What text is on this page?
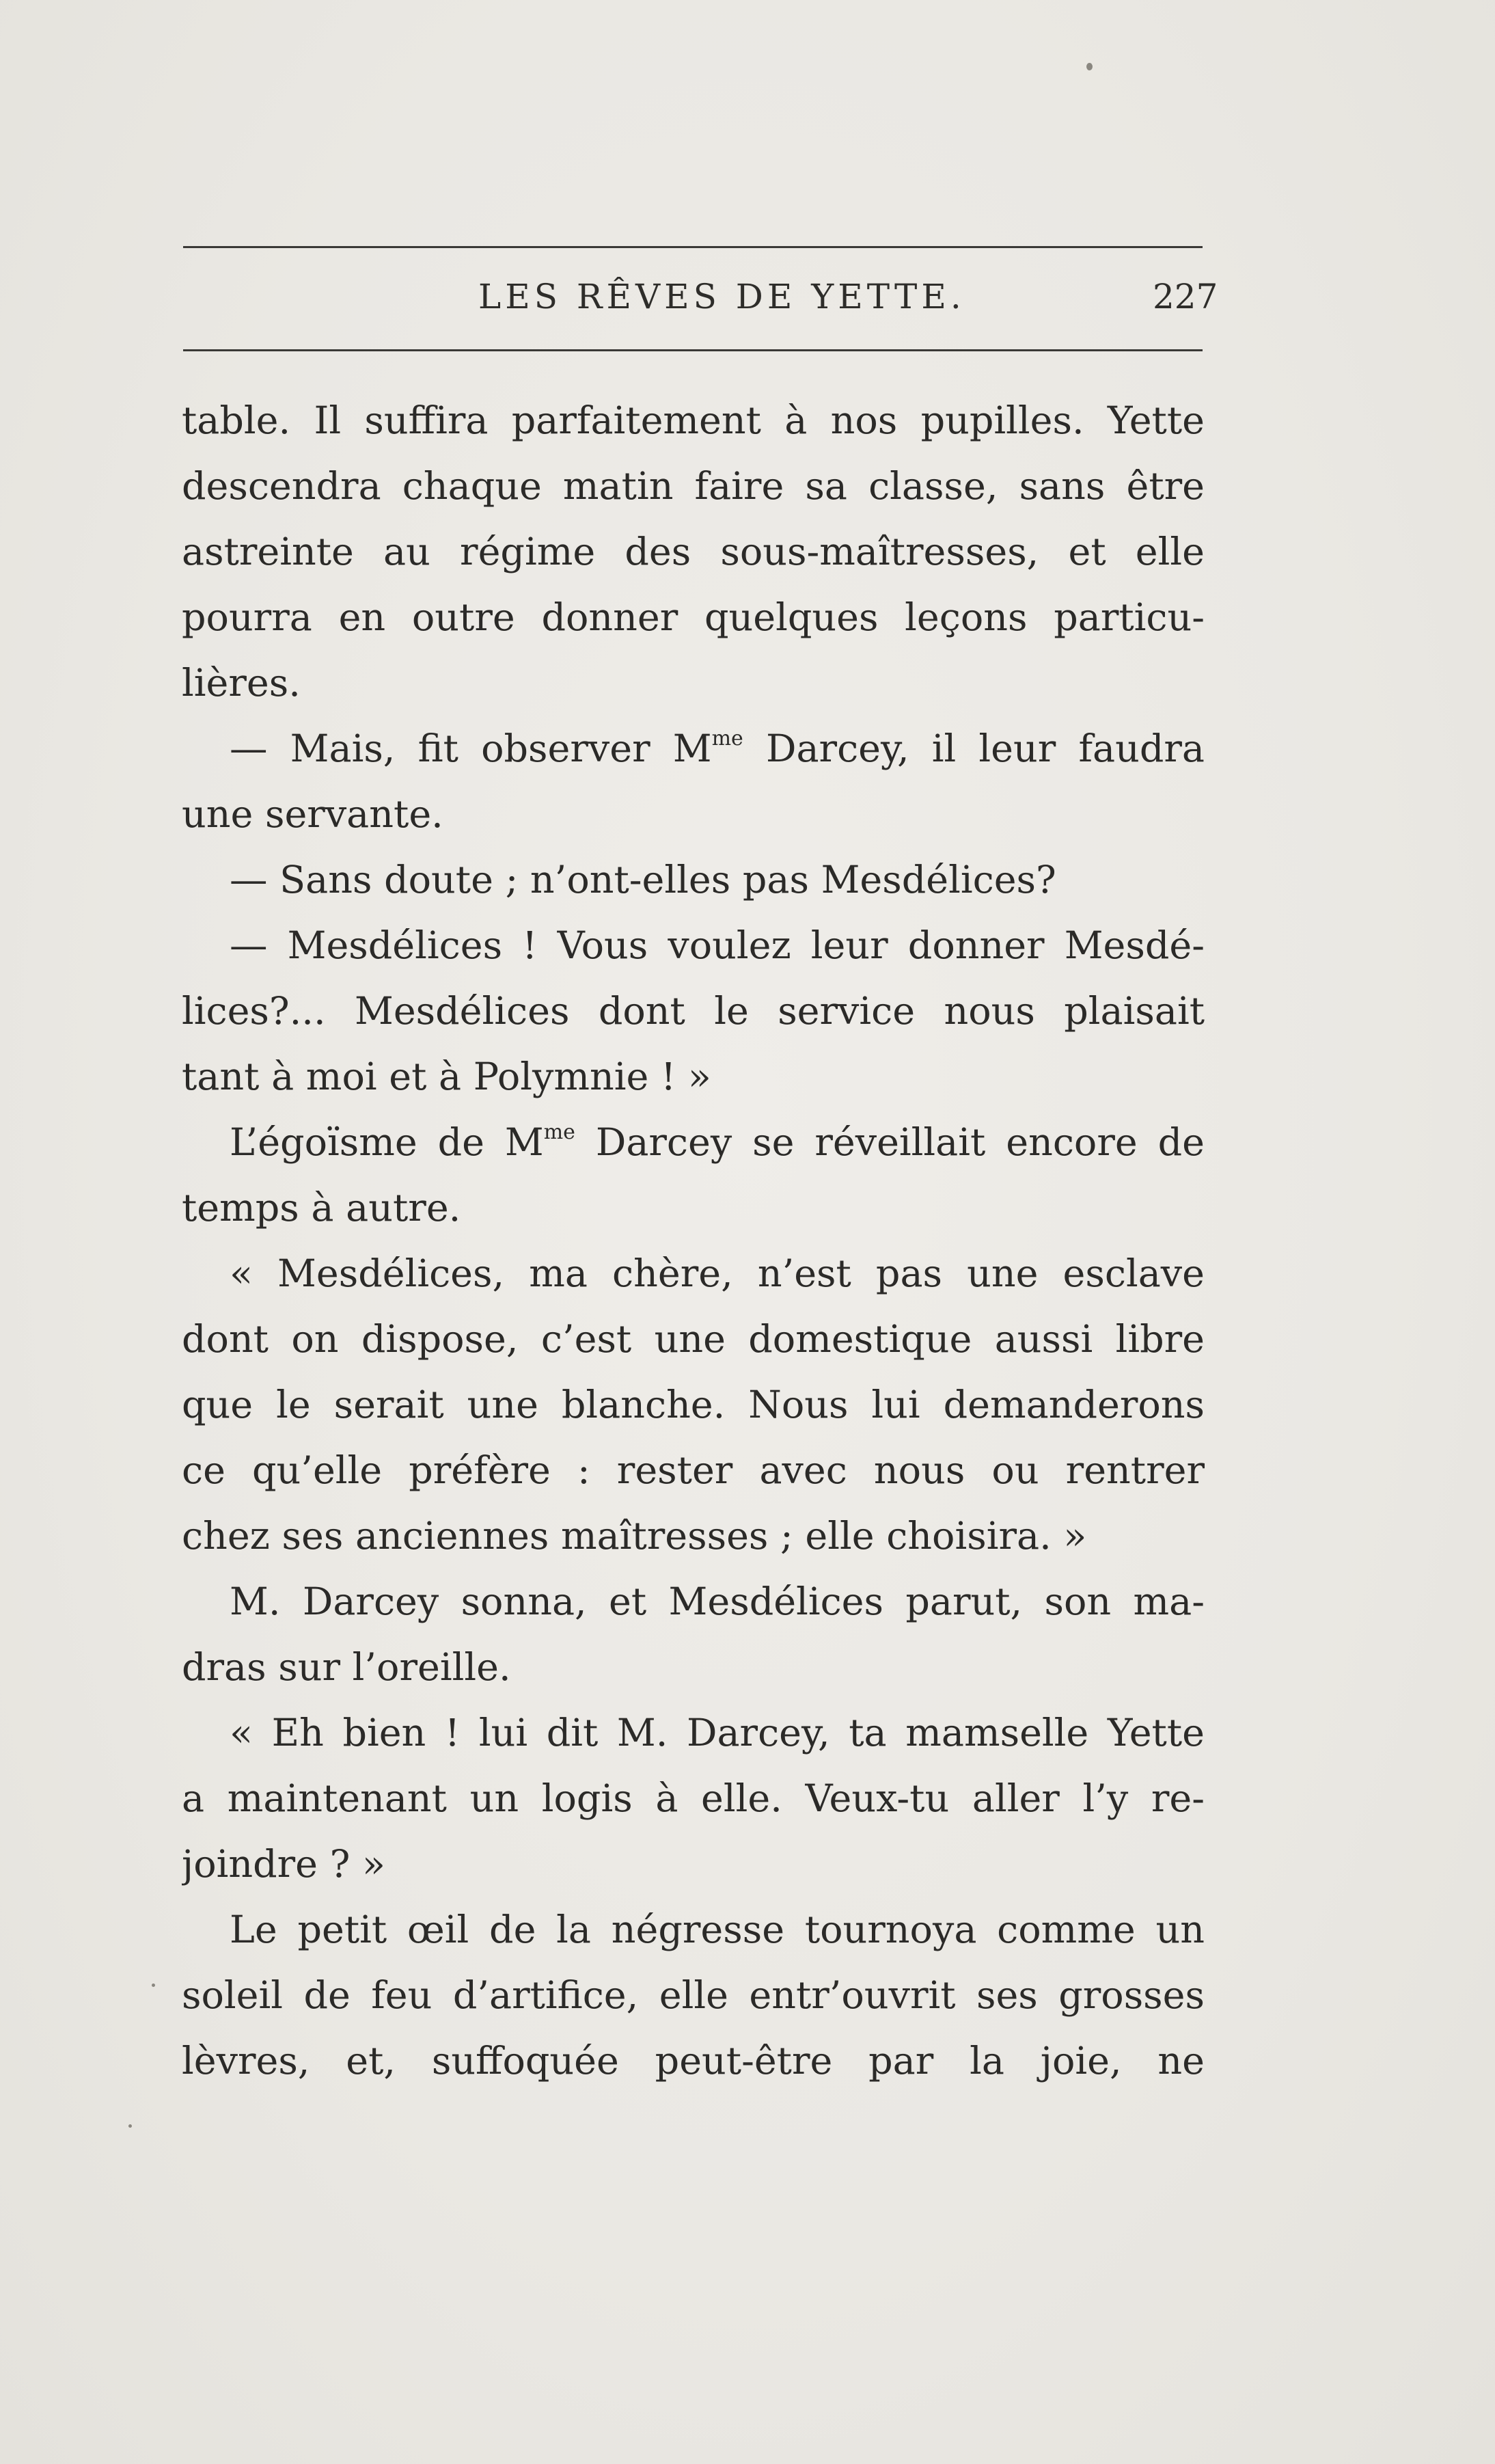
LES RÊVES DE YETTE.	227
table. Il suffira parfaitement à nos pupilles. Yette
descendra chaque matin faire sa classe, sans être
astreinte au régime des sous-maîtresses, et elle
pourra en outre donner quelques leçons particu-
lières.
— Mais, fit observer $M^{me}$ Darcey, il leur faudra
une servante.
— Sans doute ; n’ont-elles pas Mesdélices?
— Mesdélices ! Vous voulez leur donner Mesdé-
lices?... Mesdélices dont le service nous plaisait
tant à moi et à Polymnie ! »
L’égoïsme de $M^{me}$ Darcey se réveillait encore de
temps à autre.
« Mesdélices, ma chère, n’est pas une esclave
dont on dispose, c’est une domestique aussi libre
que le serait une blanche. Nous lui demanderons
ce qu’elle préfère : rester avec nous ou rentrer
chez ses anciennes maîtresses ; elle choisira. »
M. Darcey sonna, et Mesdélices parut, son ma-
dras sur l’oreille.
« Eh bien ! lui dit M. Darcey, ta mamselle Yette
a maintenant un logis à elle. Veux-tu aller l’y re-
joindre ? »
Le petit œil de la négresse tournoya comme un
soleil de feu d’artifice, elle entr’ouvrit ses grosses
lèvres, et, suffoquée peut-être par la joie, ne
